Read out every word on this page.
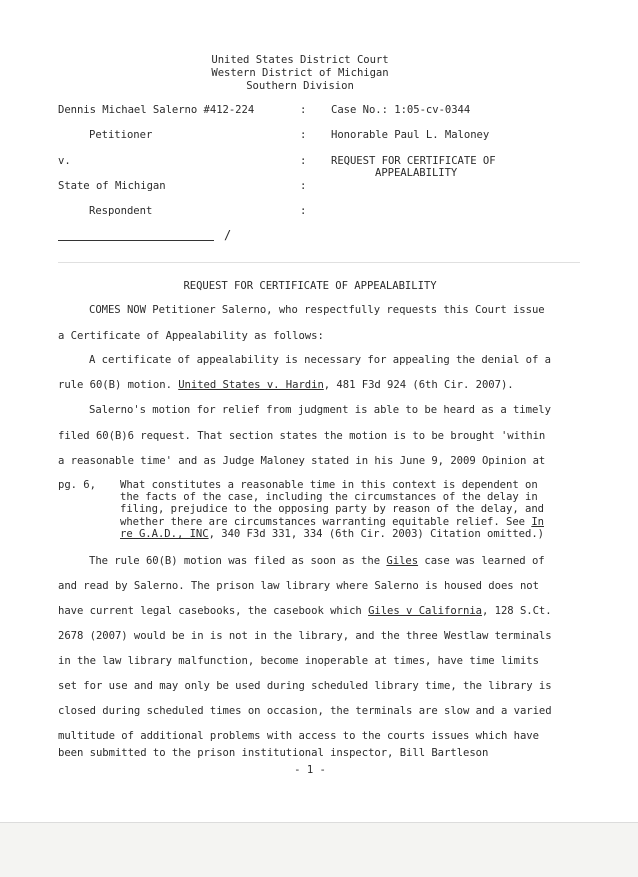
United States District Court
Western District of Michigan
Southern Division
Dennis Michael Salerno #412-224
Petitioner
v.
State of Michigan
Respondent
:
:
:
:
:
Case No.: 1:05-cv-0344
Honorable Paul L. Maloney
REQUEST FOR CERTIFICATE OF
APPEALABILITY
/
REQUEST FOR CERTIFICATE OF APPEALABILITY
COMES NOW Petitioner Salerno, who respectfully requests this Court issue
a Certificate of Appealability as follows:
A certificate of appealability is necessary for appealing the denial of a
rule 60(B) motion. United States v. Hardin, 481 F3d 924 (6th Cir. 2007).
Salerno's motion for relief from judgment is able to be heard as a timely
filed 60(B)6 request. That section states the motion is to be brought 'within
a reasonable time' and as Judge Maloney stated in his June 9, 2009 Opinion at
pg. 6, What constitutes a reasonable time in this context is dependent on
the facts of the case, including the circumstances of the delay in
filing, prejudice to the opposing party by reason of the delay, and
whether there are circumstances warranting equitable relief. See In
re G.A.D., INC, 340 F3d 331, 334 (6th Cir. 2003) Citation omitted.)
The rule 60(B) motion was filed as soon as the Giles case was learned of
and read by Salerno. The prison law library where Salerno is housed does not
have current legal casebooks, the casebook which Giles v California, 128 S.Ct.
2678 (2007) would be in is not in the library, and the three Westlaw terminals
in the law library malfunction, become inoperable at times, have time limits
set for use and may only be used during scheduled library time, the library is
closed during scheduled times on occasion, the terminals are slow and a varied
multitude of additional problems with access to the courts issues which have
been submitted to the prison institutional inspector, Bill Bartleson
- 1 -
